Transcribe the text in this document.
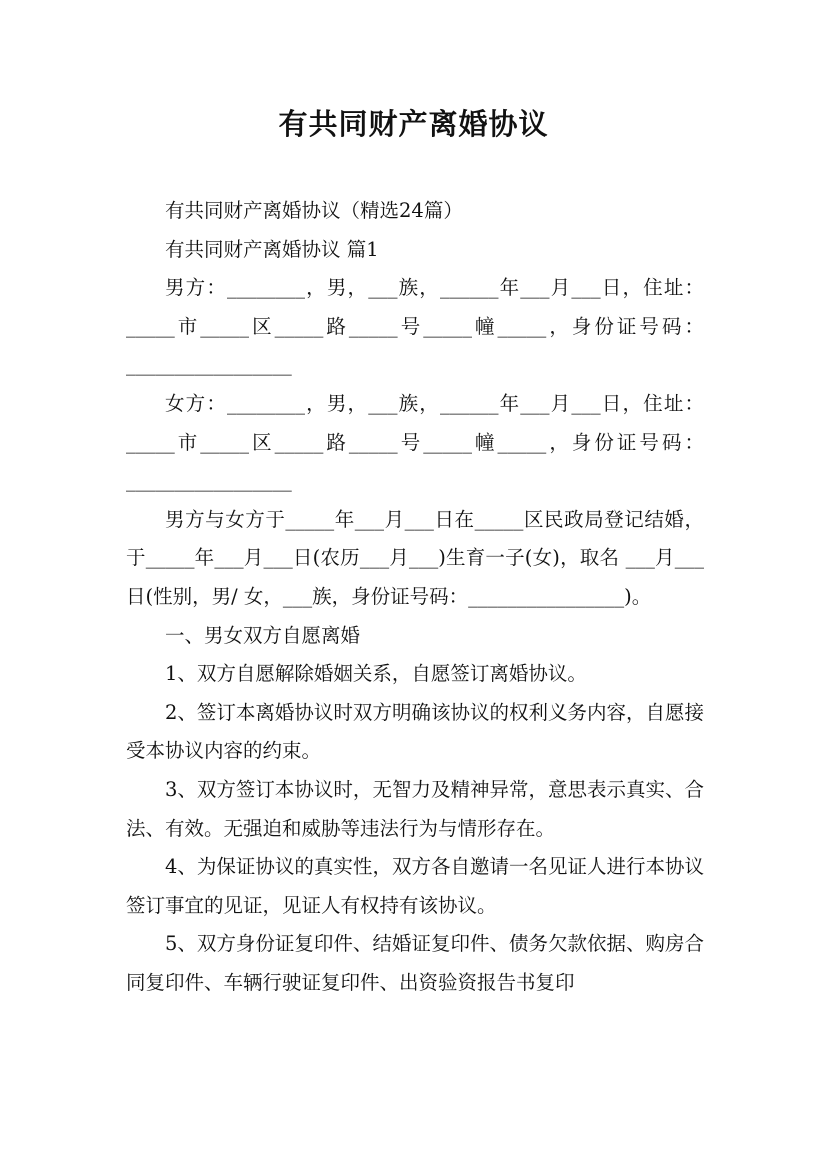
有共同财产离婚协议

有共同财产离婚协议（精选24篇）

有共同财产离婚协议 篇1

男方：________，男，___族，______年___月___日，住址：_____市_____区_____路_____号_____幢_____，身份证号码：_________________

女方：________，男，___族，______年___月___日，住址：_____市_____区_____路_____号_____幢_____，身份证号码：_________________

男方与女方于_____年___月___日在_____区民政局登记结婚，于_____年___月___日(农历___月___)生育一子(女)，取名 ___月___日(性别，男/ 女，___族，身份证号码：________________)。

一、男女双方自愿离婚

1、双方自愿解除婚姻关系，自愿签订离婚协议。

2、签订本离婚协议时双方明确该协议的权利义务内容，自愿接受本协议内容的约束。

3、双方签订本协议时，无智力及精神异常，意思表示真实、合法、有效。无强迫和威胁等违法行为与情形存在。

4、为保证协议的真实性，双方各自邀请一名见证人进行本协议签订事宜的见证，见证人有权持有该协议。

5、双方身份证复印件、结婚证复印件、债务欠款依据、购房合同复印件、车辆行驶证复印件、出资验资报告书复印
